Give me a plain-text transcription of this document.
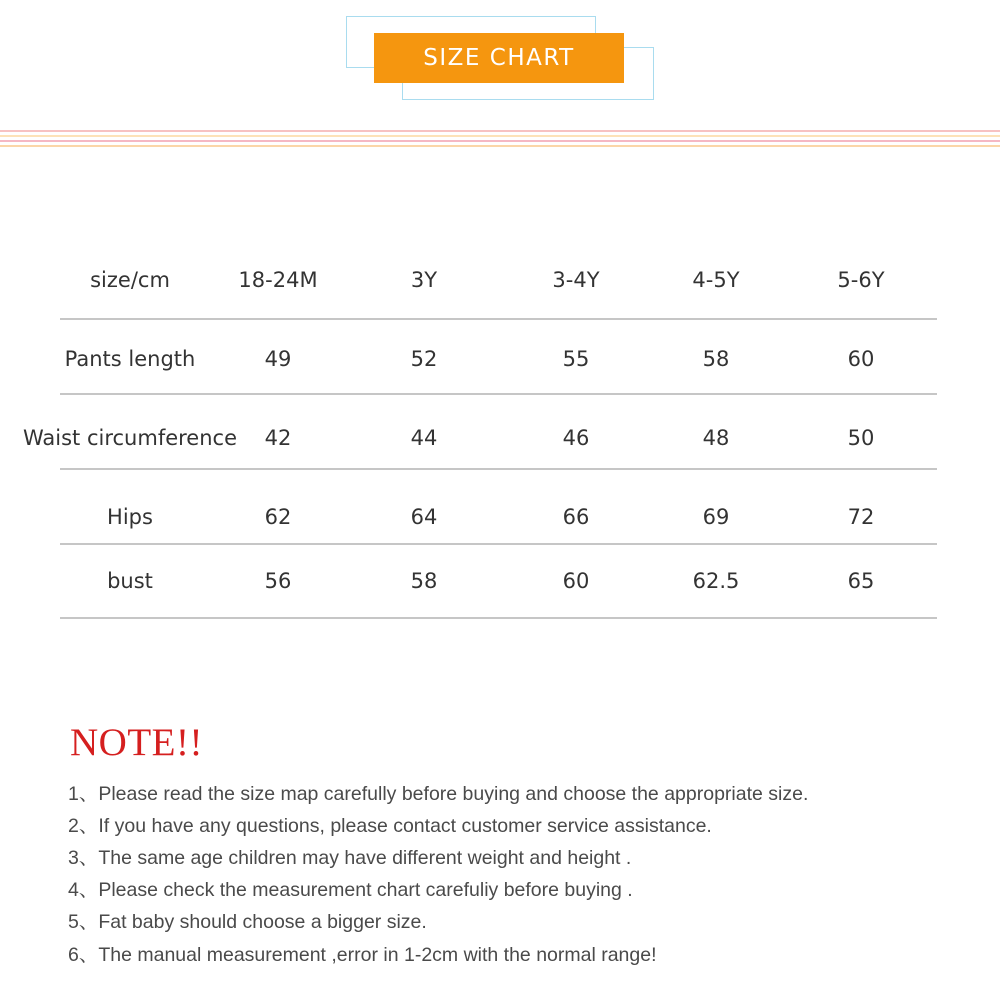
SIZE CHART
size/cm	18-24M	3Y	3-4Y	4-5Y	5-6Y
Pants length	49	52	55	58	60
Waist circumference 42	44	46	48	50
Hips	62	64	66	69	72
bust	56	58	60	62.5	65
NOTE!!
1、Please read the size map carefully before buying and choose the appropriate size.
2、If you have any questions, please contact customer service assistance.
3、The same age children may have different weight and height .
4、Please check the measurement chart carefuliy before buying .
5、Fat baby should choose a bigger size.
6、The manual measurement ,error in 1-2cm with the normal range!
